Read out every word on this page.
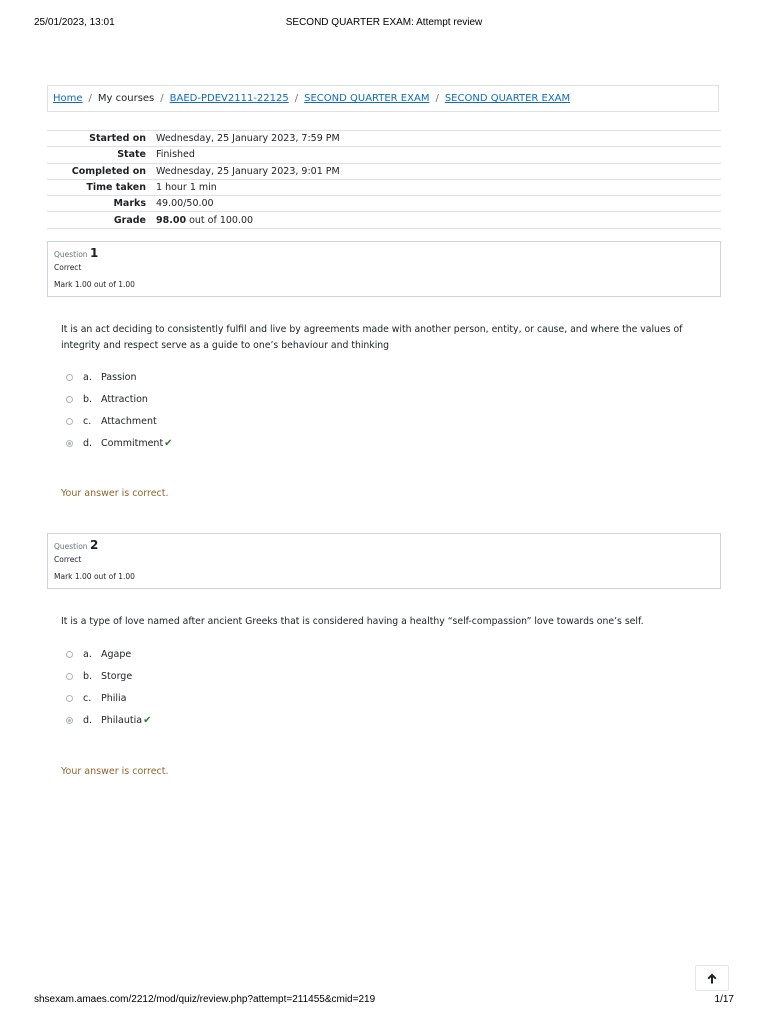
25/01/2023, 13:01	SECOND QUARTER EXAM: Attempt review
Home / My courses / BAED-PDEV2111-22125 / SECOND QUARTER EXAM / SECOND QUARTER EXAM
Started on	Wednesday, 25 January 2023, 7:59 PM
State	Finished
Completed on	Wednesday, 25 January 2023, 9:01 PM
Time taken	1 hour 1 min
Marks	49.00/50.00
Grade	98.00 out of 100.00
Question 1
Correct
Mark 1.00 out of 1.00
It is an act deciding to consistently fulfil and live by agreements made with another person, entity, or cause, and where the values of integrity and respect serve as a guide to one’s behaviour and thinking
a. Passion
b. Attraction
c. Attachment
d. Commitment✔
Your answer is correct.
Question 2
Correct
Mark 1.00 out of 1.00
It is a type of love named after ancient Greeks that is considered having a healthy “self-compassion” love towards one’s self.
a. Agape
b. Storge
c. Philia
d. Philautia✔
Your answer is correct.
shsexam.amaes.com/2212/mod/quiz/review.php?attempt=211455&cmid=219	1/17
